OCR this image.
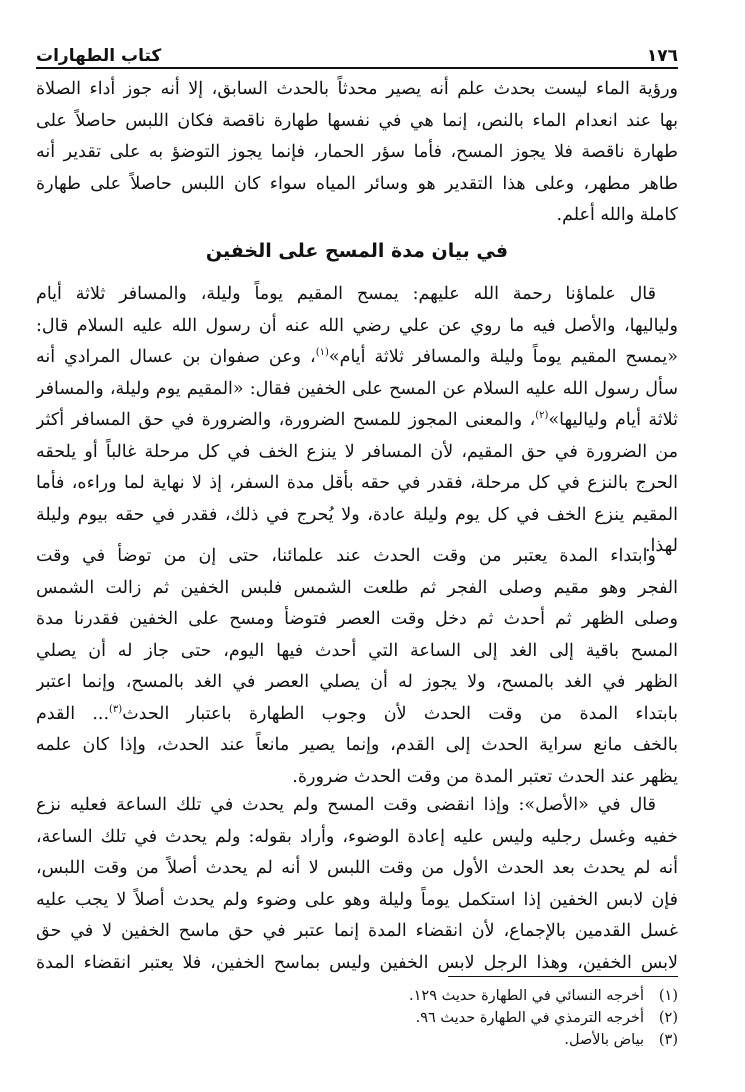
١٧٦
كتاب الطهارات

ورؤية الماء ليست بحدث علم أنه يصير محدثاً بالحدث السابق، إلا أنه جوز أداء الصلاة
بها عند انعدام الماء بالنص، إنما هي في نفسها طهارة ناقصة فكان اللبس حاصلاً على
طهارة ناقصة فلا يجوز المسح، فأما سؤر الحمار، فإنما يجوز التوضؤ به على تقدير أنه
طاهر مطهر، وعلى هذا التقدير هو وسائر المياه سواء كان اللبس حاصلاً على طهارة
كاملة والله أعلم.

في بيان مدة المسح على الخفين

قال علماؤنا رحمة الله عليهم: يمسح المقيم يوماً وليلة، والمسافر ثلاثة أيام
ولياليها، والأصل فيه ما روي عن علي رضي الله عنه أن رسول الله عليه السلام قال:
«يمسح المقيم يوماً وليلة والمسافر ثلاثة أيام»$^{(١)}$، وعن صفوان بن عسال المرادي أنه
سأل رسول الله عليه السلام عن المسح على الخفين فقال: «المقيم يوم وليلة، والمسافر
ثلاثة أيام ولياليها»$^{(٢)}$، والمعنى المجوز للمسح الضرورة، والضرورة في حق المسافر أكثر
من الضرورة في حق المقيم، لأن المسافر لا ينزع الخف في كل مرحلة غالباً أو يلحقه
الحرج بالنزع في كل مرحلة، فقدر في حقه بأقل مدة السفر، إذ لا نهاية لما وراءه، فأما
المقيم ينزع الخف في كل يوم وليلة عادة، ولا يُحرج في ذلك، فقدر في حقه بيوم وليلة
لهذا.

وابتداء المدة يعتبر من وقت الحدث عند علمائنا، حتى إن من توضأ في وقت
الفجر وهو مقيم وصلى الفجر ثم طلعت الشمس فلبس الخفين ثم زالت الشمس
وصلى الظهر ثم أحدث ثم دخل وقت العصر فتوضأ ومسح على الخفين فقدرنا مدة
المسح باقية إلى الغد إلى الساعة التي أحدث فيها اليوم، حتى جاز له أن يصلي
الظهر في الغد بالمسح، ولا يجوز له أن يصلي العصر في الغد بالمسح، وإنما اعتبر
بابتداء المدة من وقت الحدث لأن وجوب الطهارة باعتبار الحدث$^{(٣)}$... القدم
بالخف مانع سراية الحدث إلى القدم، وإنما يصير مانعاً عند الحدث، وإذا كان علمه
يظهر عند الحدث تعتبر المدة من وقت الحدث ضرورة.

قال في «الأصل»: وإذا انقضى وقت المسح ولم يحدث في تلك الساعة فعليه نزع
خفيه وغسل رجليه وليس عليه إعادة الوضوء، وأراد بقوله: ولم يحدث في تلك الساعة،
أنه لم يحدث بعد الحدث الأول من وقت اللبس لا أنه لم يحدث أصلاً من وقت اللبس،
فإن لابس الخفين إذا استكمل يوماً وليلة وهو على وضوء ولم يحدث أصلاً لا يجب عليه
غسل القدمين بالإجماع، لأن انقضاء المدة إنما عتبر في حق ماسح الخفين لا في حق
لابس الخفين، وهذا الرجل لابس الخفين وليس بماسح الخفين، فلا يعتبر انقضاء المدة

(١)
أخرجه النسائي في الطهارة حديث ١٢٩.
(٢)
أخرجه الترمذي في الطهارة حديث ٩٦.
(٣)
بياض بالأصل.
